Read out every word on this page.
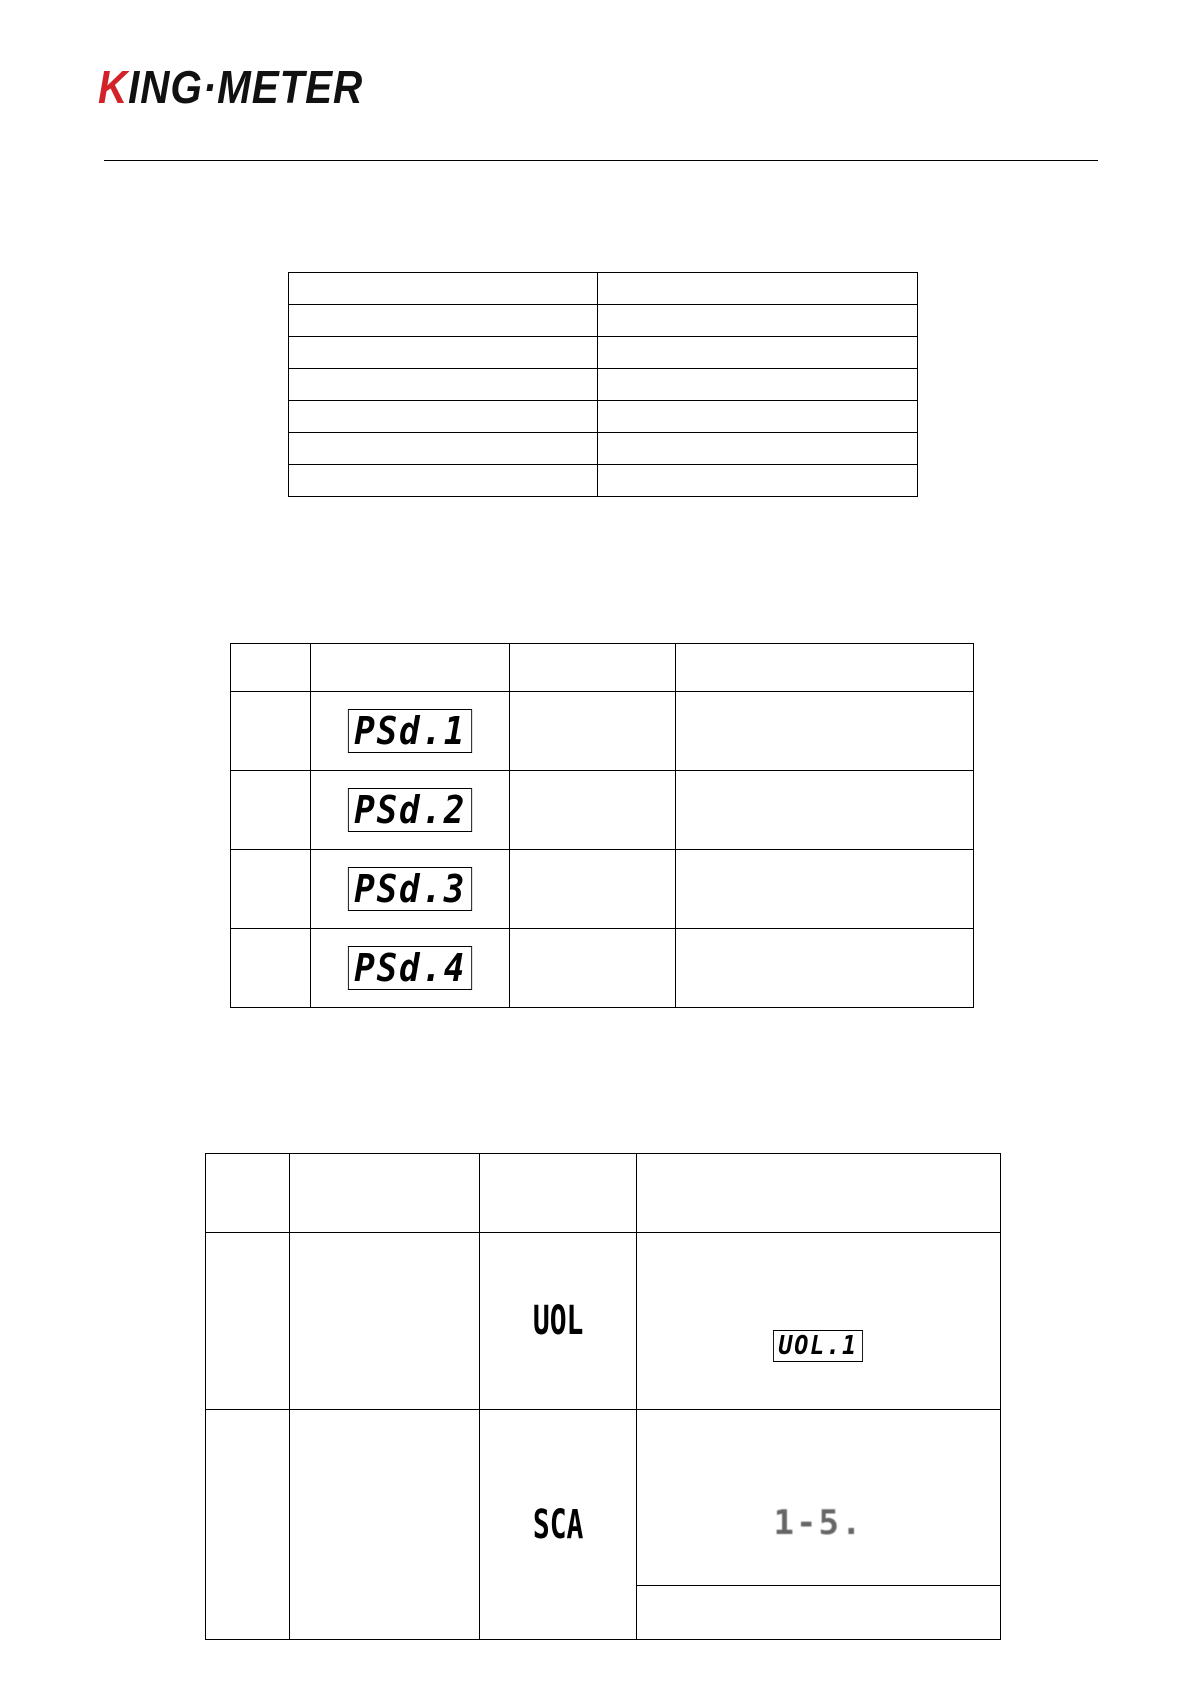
KING·METER

	PSd.1		
	PSd.2		
	PSd.3		
	PSd.4		

		UOL	UOL.1
		SCA	1-5.
